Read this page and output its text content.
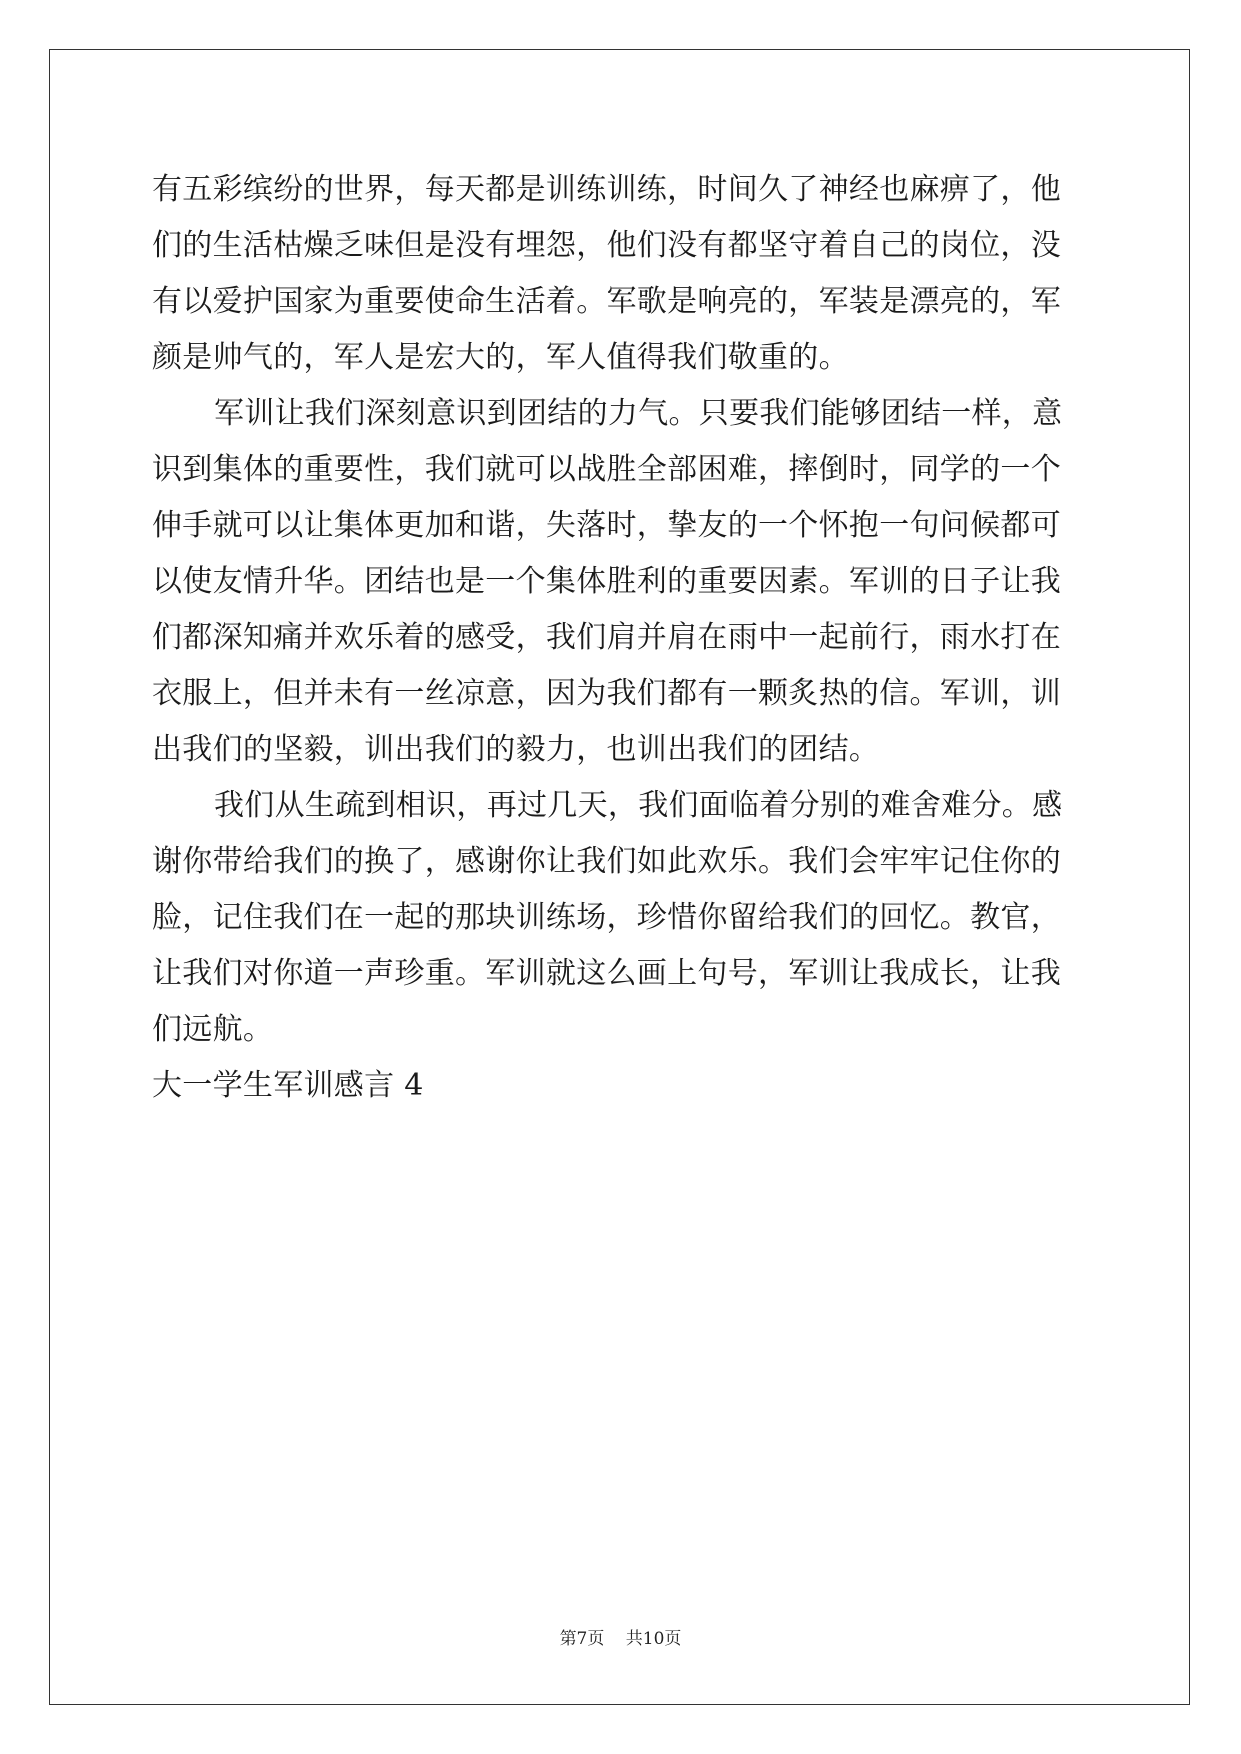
有五彩缤纷的世界，每天都是训练训练，时间久了神经也麻痹了，他
们的生活枯燥乏味但是没有埋怨，他们没有都坚守着自己的岗位，没
有以爱护国家为重要使命生活着。军歌是响亮的，军装是漂亮的，军
颜是帅气的，军人是宏大的，军人值得我们敬重的。
军训让我们深刻意识到团结的力气。只要我们能够团结一样，意
识到集体的重要性，我们就可以战胜全部困难，摔倒时，同学的一个
伸手就可以让集体更加和谐，失落时，挚友的一个怀抱一句问候都可
以使友情升华。团结也是一个集体胜利的重要因素。军训的日子让我
们都深知痛并欢乐着的感受，我们肩并肩在雨中一起前行，雨水打在
衣服上，但并未有一丝凉意，因为我们都有一颗炙热的信。军训，训
出我们的坚毅，训出我们的毅力，也训出我们的团结。
我们从生疏到相识，再过几天，我们面临着分别的难舍难分。感
谢你带给我们的换了，感谢你让我们如此欢乐。我们会牢牢记住你的
脸，记住我们在一起的那块训练场，珍惜你留给我们的回忆。教官，
让我们对你道一声珍重。军训就这么画上句号，军训让我成长，让我
们远航。
大一学生军训感言 4
第7页 共10页
